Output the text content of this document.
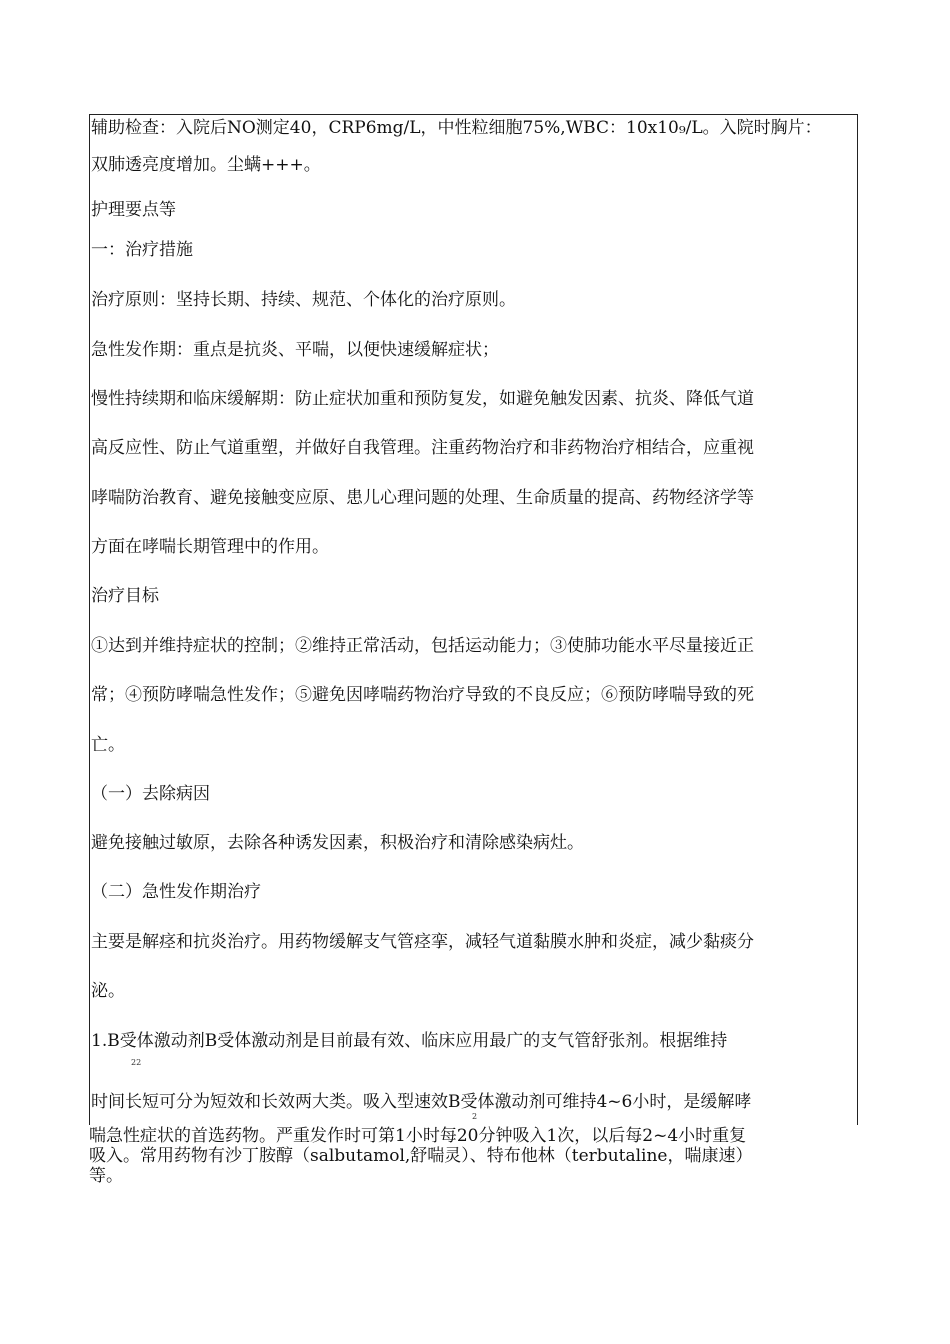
辅助检查：入院后NO测定40，CRP6mg/L，中性粒细胞75%,WBC：10x10₉/L。入院时胸片：
双肺透亮度增加。尘螨+++。
护理要点等
一：治疗措施
治疗原则：坚持长期、持续、规范、个体化的治疗原则。
急性发作期：重点是抗炎、平喘，以便快速缓解症状；
慢性持续期和临床缓解期：防止症状加重和预防复发，如避免触发因素、抗炎、降低气道
高反应性、防止气道重塑，并做好自我管理。注重药物治疗和非药物治疗相结合，应重视
哮喘防治教育、避免接触变应原、患儿心理问题的处理、生命质量的提高、药物经济学等
方面在哮喘长期管理中的作用。
治疗目标
①达到并维持症状的控制；②维持正常活动，包括运动能力；③使肺功能水平尽量接近正
常；④预防哮喘急性发作；⑤避免因哮喘药物治疗导致的不良反应；⑥预防哮喘导致的死
亡。
（一）去除病因
避免接触过敏原，去除各种诱发因素，积极治疗和清除感染病灶。
（二）急性发作期治疗
主要是解痉和抗炎治疗。用药物缓解支气管痉挛，减轻气道黏膜水肿和炎症，减少黏痰分
泌。
1.Β受体激动剂Β受体激动剂是目前最有效、临床应用最广的支气管舒张剂。根据维持
22
时间长短可分为短效和长效两大类。吸入型速效Β受体激动剂可维持4~6小时，是缓解哮
2
喘急性症状的首选药物。严重发作时可第1小时每20分钟吸入1次，以后每2~4小时重复
吸入。常用药物有沙丁胺醇（salbutamol,舒喘灵）、特布他林（terbutaline，喘康速）
等。
